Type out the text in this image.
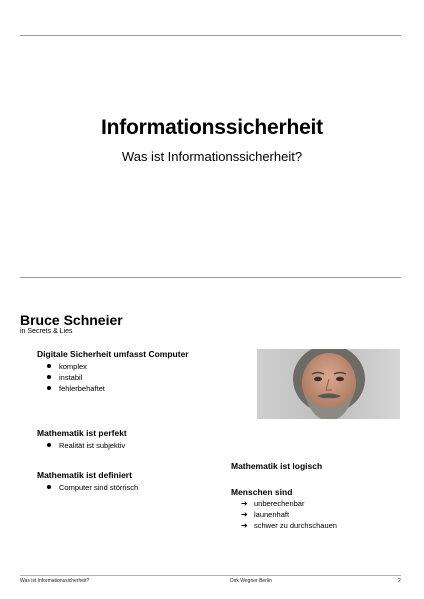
Informationssicherheit
Was ist Informationssicherheit?
Bruce Schneier
in Secrets & Lies
Digitale Sicherheit umfasst Computer
komplex
instabil
fehlerbehaftet
Mathematik ist perfekt
Realität ist subjektiv
Mathematik ist definiert
Computer sind störrisch
Mathematik ist logisch
Menschen sind
➔ unberechenbar
➔ launenhaft
➔ schwer zu durchschauen
Was ist Informationssicherheit?	Dirk Wegner Berlin	2
